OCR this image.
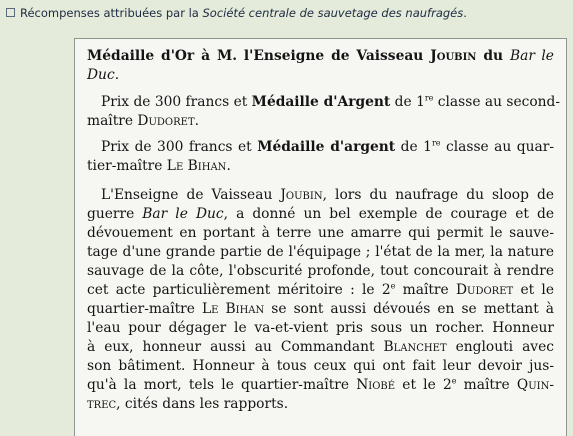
Récompenses attribuées par la Société centrale de sauvetage des naufragés.
Médaille d'Or à M. l'Enseigne de Vaisseau Joubin du Bar le
Duc.
Prix de 300 francs et Médaille d'Argent de 1re classe au second-
maître Dudoret.
Prix de 300 francs et Médaille d'argent de 1re classe au quar-
tier-maître Le Bihan.
L'Enseigne de Vaisseau Joubin, lors du naufrage du sloop de
guerre Bar le Duc, a donné un bel exemple de courage et de
dévouement en portant à terre une amarre qui permit le sauve-
tage d'une grande partie de l'équipage ; l'état de la mer, la nature
sauvage de la côte, l'obscurité profonde, tout concourait à rendre
cet acte particulièrement méritoire : le 2e maître Dudoret et le
quartier-maître Le Bihan se sont aussi dévoués en se mettant à
l'eau pour dégager le va-et-vient pris sous un rocher. Honneur
à eux, honneur aussi au Commandant Blanchet englouti avec
son bâtiment. Honneur à tous ceux qui ont fait leur devoir jus-
qu'à la mort, tels le quartier-maître Niobé et le 2e maître Quin-
trec, cités dans les rapports.
